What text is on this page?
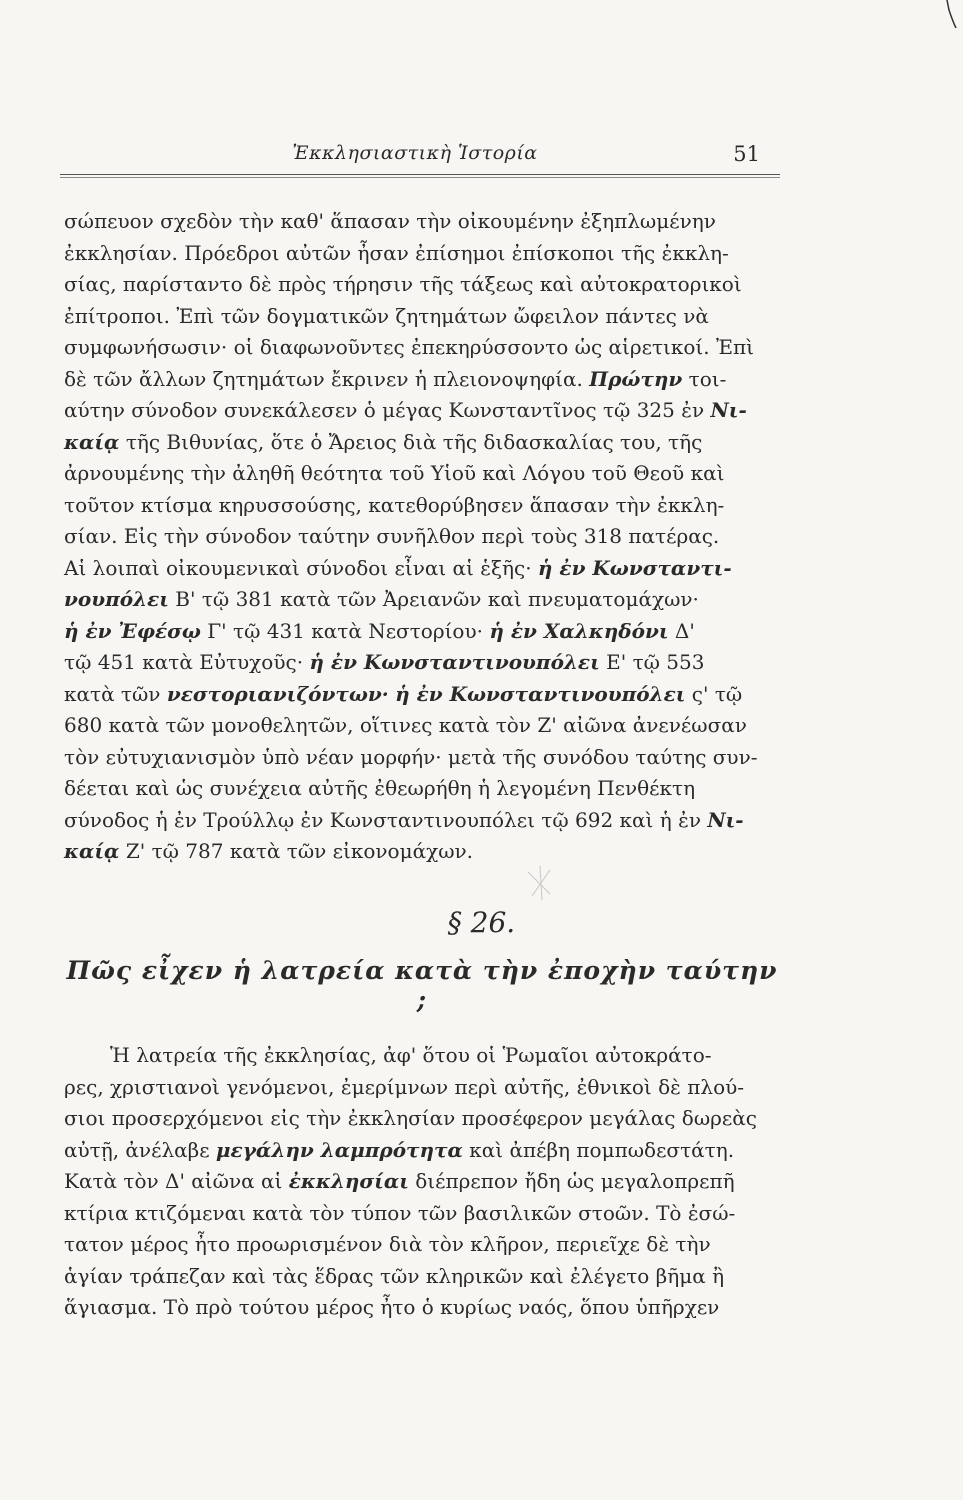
Ἐκκλησιαστικὴ Ἱστορία	51

σώπευον σχεδὸν τὴν καθ' ἅπασαν τὴν οἰκουμένην ἐξηπλωμένην

ἐκκλησίαν. Πρόεδροι αὐτῶν ἦσαν ἐπίσημοι ἐπίσκοποι τῆς ἐκκλη-

σίας, παρίσταντο δὲ πρὸς τήρησιν τῆς τάξεως καὶ αὐτοκρατορικοὶ

ἐπίτροποι. Ἐπὶ τῶν δογματικῶν ζητημάτων ὤφειλον πάντες νὰ

συμφωνήσωσιν· οἱ διαφωνοῦντες ἐπεκηρύσσοντο ὡς αἱρετικοί. Ἐπὶ

δὲ τῶν ἄλλων ζητημάτων ἔκρινεν ἡ πλειονοψηφία. Πρώτην τοι-

αύτην σύνοδον συνεκάλεσεν ὁ μέγας Κωνσταντῖνος τῷ 325 ἐν Νι-

καίᾳ τῆς Βιθυνίας, ὅτε ὁ Ἄρειος διὰ τῆς διδασκαλίας του, τῆς

ἀρνουμένης τὴν ἀληθῆ θεότητα τοῦ Υἱοῦ καὶ Λόγου τοῦ Θεοῦ καὶ

τοῦτον κτίσμα κηρυσσούσης, κατεθορύβησεν ἅπασαν τὴν ἐκκλη-

σίαν. Εἰς τὴν σύνοδον ταύτην συνῆλθον περὶ τοὺς 318 πατέρας.

Αἱ λοιπαὶ οἰκουμενικαὶ σύνοδοι εἶναι αἱ ἑξῆς· ἡ ἐν Κωνσταντι-

νουπόλει Β' τῷ 381 κατὰ τῶν Ἀρειανῶν καὶ πνευματομάχων·

ἡ ἐν Ἐφέσῳ Γ' τῷ 431 κατὰ Νεστορίου· ἡ ἐν Χαλκηδόνι Δ'

τῷ 451 κατὰ Εὐτυχοῦς· ἡ ἐν Κωνσταντινουπόλει Ε' τῷ 553

κατὰ τῶν νεστοριανιζόντων· ἡ ἐν Κωνσταντινουπόλει ς' τῷ

680 κατὰ τῶν μονοθελητῶν, οἵτινες κατὰ τὸν Ζ' αἰῶνα ἀνενέωσαν

τὸν εὐτυχιανισμὸν ὑπὸ νέαν μορφήν· μετὰ τῆς συνόδου ταύτης συν-

δέεται καὶ ὡς συνέχεια αὐτῆς ἐθεωρήθη ἡ λεγομένη Πενθέκτη

σύνοδος ἡ ἐν Τρούλλῳ ἐν Κωνσταντινουπόλει τῷ 692 καὶ ἡ ἐν Νι-

καίᾳ Ζ' τῷ 787 κατὰ τῶν εἰκονομάχων.

§ 26.
Πῶς εἶχεν ἡ λατρεία κατὰ τὴν ἐποχὴν ταύτην ;

Ἡ λατρεία τῆς ἐκκλησίας, ἀφ' ὅτου οἱ Ῥωμαῖοι αὐτοκράτο-

ρες, χριστιανοὶ γενόμενοι, ἐμερίμνων περὶ αὐτῆς, ἐθνικοὶ δὲ πλού-

σιοι προσερχόμενοι εἰς τὴν ἐκκλησίαν προσέφερον μεγάλας δωρεὰς

αὐτῇ, ἀνέλαβε μεγάλην λαμπρότητα καὶ ἀπέβη πομπωδεστάτη.

Κατὰ τὸν Δ' αἰῶνα αἱ ἐκκλησίαι διέπρεπον ἤδη ὡς μεγαλοπρεπῆ

κτίρια κτιζόμεναι κατὰ τὸν τύπον τῶν βασιλικῶν στοῶν. Τὸ ἐσώ-

τατον μέρος ἦτο προωρισμένον διὰ τὸν κλῆρον, περιεῖχε δὲ τὴν

ἁγίαν τράπεζαν καὶ τὰς ἕδρας τῶν κληρικῶν καὶ ἐλέγετο βῆμα ἢ

ἅγιασμα. Τὸ πρὸ τούτου μέρος ἦτο ὁ κυρίως ναός, ὅπου ὑπῆρχεν
